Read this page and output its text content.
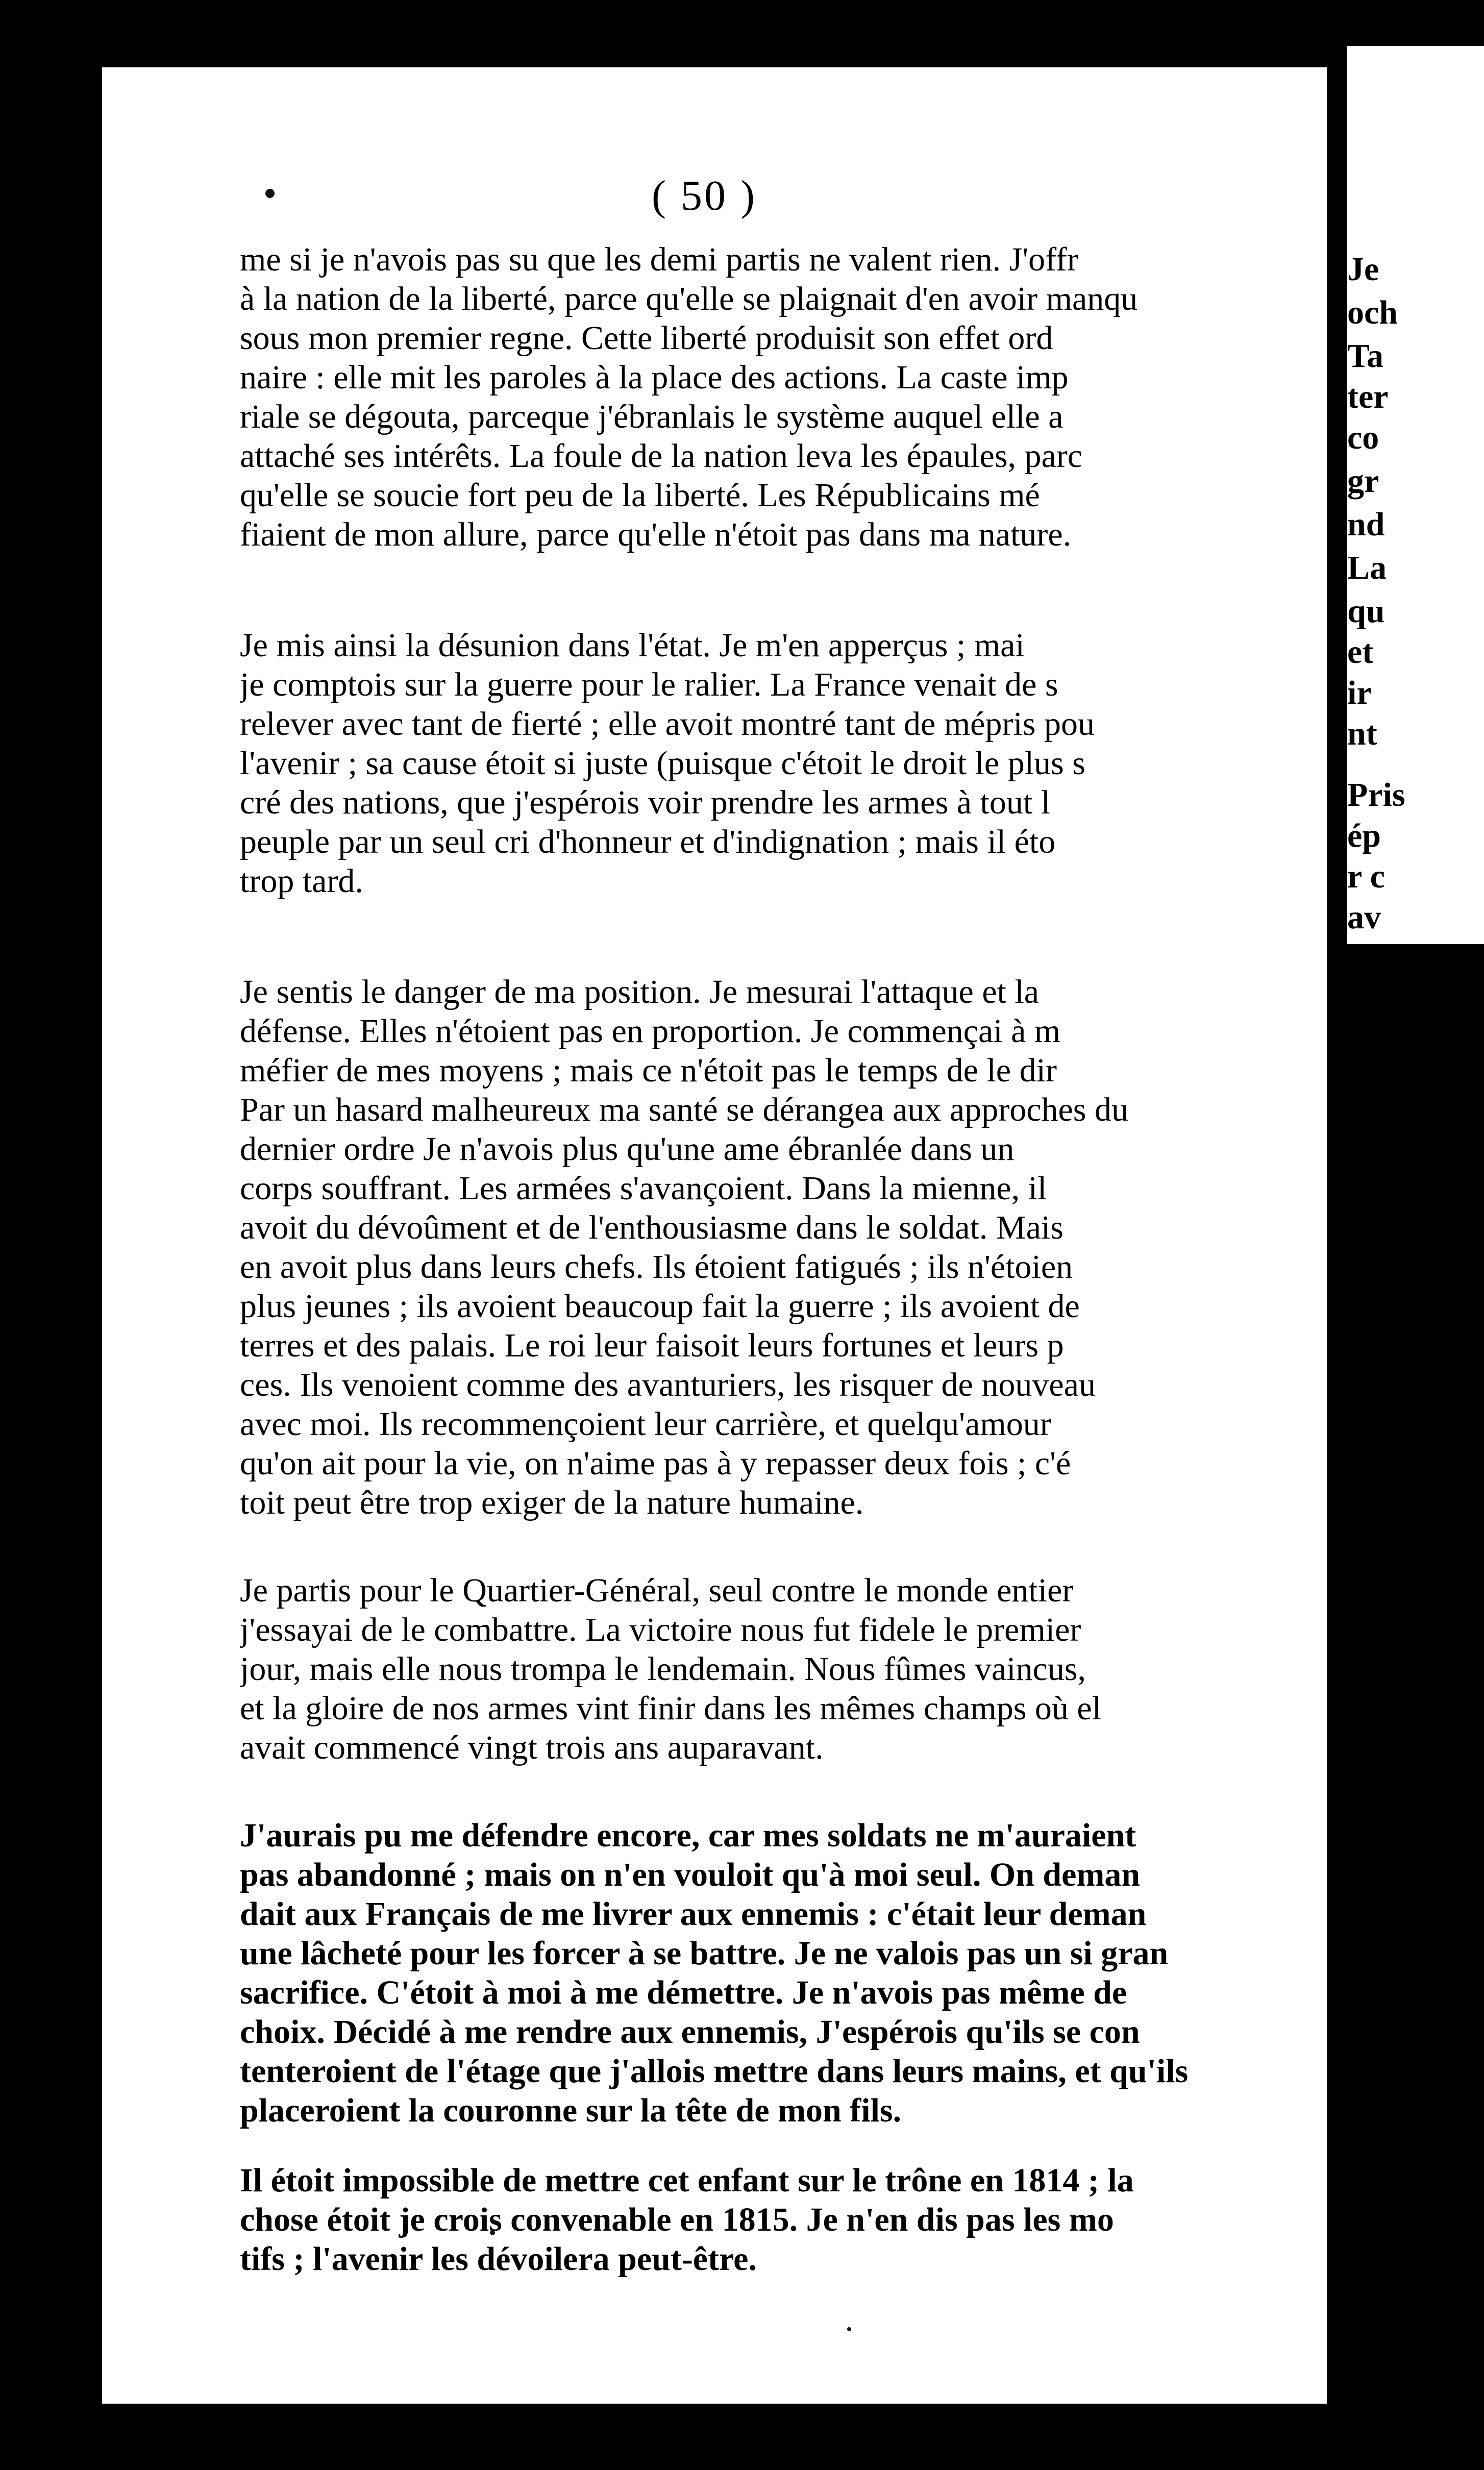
( 50 )
me si je n'avois pas su que les demi partis ne valent rien. J'offr
à la nation de la liberté, parce qu'elle se plaignait d'en avoir manqu
sous mon premier regne. Cette liberté produisit son effet ord
naire : elle mit les paroles à la place des actions. La caste imp
riale se dégouta, parceque j'ébranlais le système auquel elle a
attaché ses intérêts. La foule de la nation leva les épaules, parc
qu'elle se soucie fort peu de la liberté. Les Républicains mé
fiaient de mon allure, parce qu'elle n'étoit pas dans ma nature.
Je mis ainsi la désunion dans l'état. Je m'en apperçus ; mai
je comptois sur la guerre pour le ralier. La France venait de s
relever avec tant de fierté ; elle avoit montré tant de mépris pou
l'avenir ; sa cause étoit si juste (puisque c'étoit le droit le plus s
cré des nations, que j'espérois voir prendre les armes à tout l
peuple par un seul cri d'honneur et d'indignation ; mais il éto
trop tard.
Je sentis le danger de ma position. Je mesurai l'attaque et la
défense. Elles n'étoient pas en proportion. Je commençai à m
méfier de mes moyens ; mais ce n'étoit pas le temps de le dir
Par un hasard malheureux ma santé se dérangea aux approches du
dernier ordre Je n'avois plus qu'une ame ébranlée dans un
corps souffrant. Les armées s'avançoient. Dans la mienne, il
avoit du dévoûment et de l'enthousiasme dans le soldat. Mais
en avoit plus dans leurs chefs. Ils étoient fatigués ; ils n'étoien
plus jeunes ; ils avoient beaucoup fait la guerre ; ils avoient de
terres et des palais. Le roi leur faisoit leurs fortunes et leurs p
ces. Ils venoient comme des avanturiers, les risquer de nouveau
avec moi. Ils recommençoient leur carrière, et quelqu'amour
qu'on ait pour la vie, on n'aime pas à y repasser deux fois ; c'é
toit peut être trop exiger de la nature humaine.
Je partis pour le Quartier-Général, seul contre le monde entier
j'essayai de le combattre. La victoire nous fut fidele le premier
jour, mais elle nous trompa le lendemain. Nous fûmes vaincus,
et la gloire de nos armes vint finir dans les mêmes champs où el
avait commencé vingt trois ans auparavant.
J'aurais pu me défendre encore, car mes soldats ne m'auraient
pas abandonné ; mais on n'en vouloit qu'à moi seul. On deman
dait aux Français de me livrer aux ennemis : c'était leur deman
une lâcheté pour les forcer à se battre. Je ne valois pas un si gran
sacrifice. C'étoit à moi à me démettre. Je n'avois pas même de
choix. Décidé à me rendre aux ennemis, J'espérois qu'ils se con
tenteroient de l'étage que j'allois mettre dans leurs mains, et qu'ils
placeroient la couronne sur la tête de mon fils.
Il étoit impossible de mettre cet enfant sur le trône en 1814 ; la
chose étoit je crois convenable en 1815. Je n'en dis pas les mo
tifs ; l'avenir les dévoilera peut-être.
Je
och
Ta
ter
co
gr
nd
La
qu
et
ir
nt
Pris
ép
r c
av
